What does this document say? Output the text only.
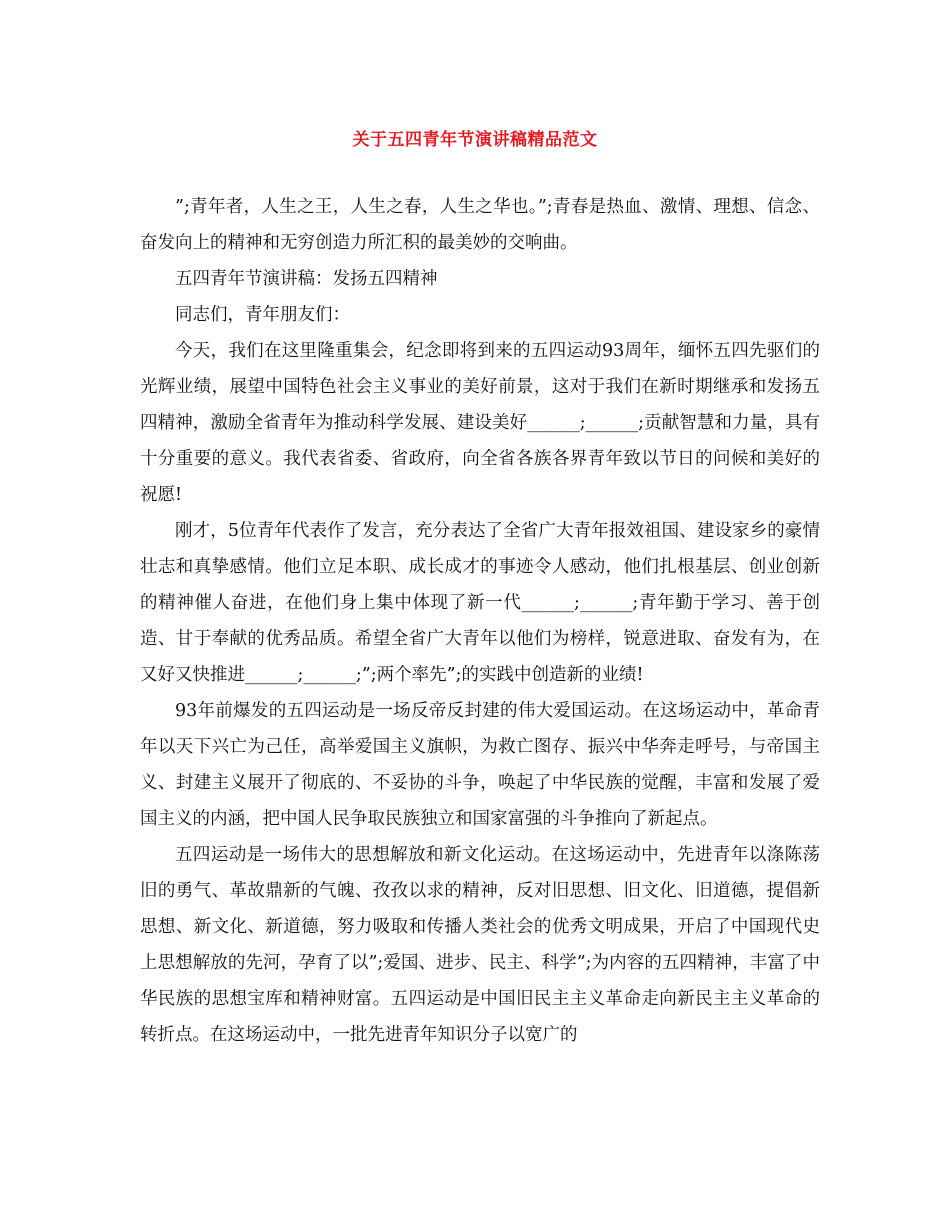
关于五四青年节演讲稿精品范文

”;青年者，人生之王，人生之春，人生之华也。”;青春是热血、激情、理想、信念、奋发向上的精神和无穷创造力所汇积的最美妙的交响曲。

五四青年节演讲稿：发扬五四精神

同志们，青年朋友们：

今天，我们在这里隆重集会，纪念即将到来的五四运动93周年，缅怀五四先驱们的光辉业绩，展望中国特色社会主义事业的美好前景，这对于我们在新时期继承和发扬五四精神，激励全省青年为推动科学发展、建设美好______;______;贡献智慧和力量，具有十分重要的意义。我代表省委、省政府，向全省各族各界青年致以节日的问候和美好的祝愿!

刚才，5位青年代表作了发言，充分表达了全省广大青年报效祖国、建设家乡的豪情壮志和真挚感情。他们立足本职、成长成才的事迹令人感动，他们扎根基层、创业创新的精神催人奋进，在他们身上集中体现了新一代______;______;青年勤于学习、善于创造、甘于奉献的优秀品质。希望全省广大青年以他们为榜样，锐意进取、奋发有为，在又好又快推进______;______;”;两个率先”;的实践中创造新的业绩!

93年前爆发的五四运动是一场反帝反封建的伟大爱国运动。在这场运动中，革命青年以天下兴亡为己任，高举爱国主义旗帜，为救亡图存、振兴中华奔走呼号，与帝国主义、封建主义展开了彻底的、不妥协的斗争，唤起了中华民族的觉醒，丰富和发展了爱国主义的内涵，把中国人民争取民族独立和国家富强的斗争推向了新起点。

五四运动是一场伟大的思想解放和新文化运动。在这场运动中，先进青年以涤陈荡旧的勇气、革故鼎新的气魄、孜孜以求的精神，反对旧思想、旧文化、旧道德，提倡新思想、新文化、新道德，努力吸取和传播人类社会的优秀文明成果，开启了中国现代史上思想解放的先河，孕育了以”;爱国、进步、民主、科学”;为内容的五四精神，丰富了中华民族的思想宝库和精神财富。五四运动是中国旧民主主义革命走向新民主主义革命的转折点。在这场运动中，一批先进青年知识分子以宽广的
